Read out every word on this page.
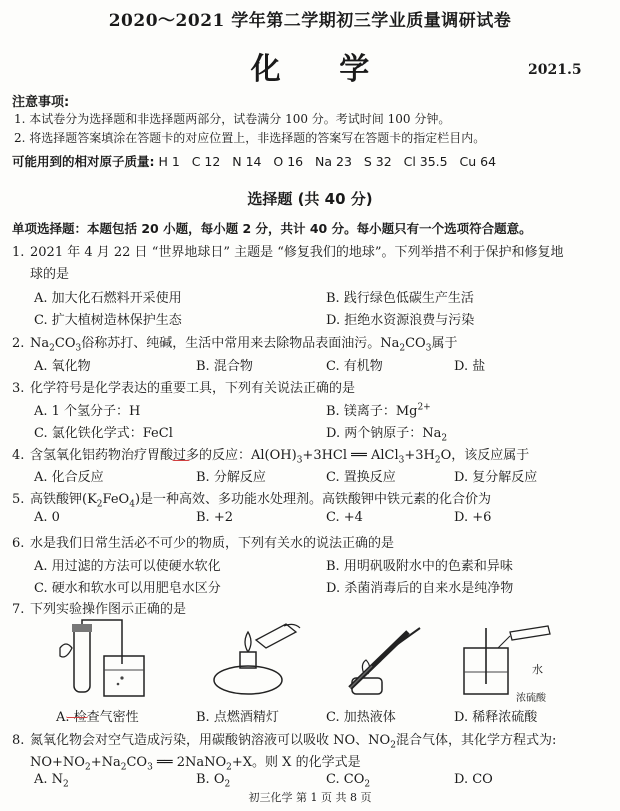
2020～2021 学年第二学期初三学业质量调研试卷
化 学	2021.5
注意事项:
1. 本试卷分为选择题和非选择题两部分，试卷满分 100 分。考试时间 100 分钟。
2. 将选择题答案填涂在答题卡的对应位置上，非选择题的答案写在答题卡的指定栏目内。
可能用到的相对原子质量: H 1   C 12   N 14   O 16   Na 23   S 32   Cl 35.5   Cu 64
选择题 (共 40 分)
单项选择题：本题包括 20 小题，每小题 2 分，共计 40 分。每小题只有一个选项符合题意。
1. 2021 年 4 月 22 日 “世界地球日” 主题是 “修复我们的地球”。下列举措不利于保护和修复地
球的是
A. 加大化石燃料开采使用	B. 践行绿色低碳生产生活
C. 扩大植树造林保护生态	D. 拒绝水资源浪费与污染
2. $Na_2CO_3$俗称苏打、纯碱，生活中常用来去除物品表面油污。$Na_2CO_3$属于
A. 氧化物	B. 混合物	C. 有机物	D. 盐
3. 化学符号是化学表达的重要工具，下列有关说法正确的是
A. 1 个氢分子：H	B. 镁离子：$Mg^{2+}$
C. 氯化铁化学式：FeCl	D. 两个钠原子：$Na_2$
4. 含氢氧化铝药物治疗胃酸过多的反应：$Al(OH)_3+3HCl$ ══ $AlCl_3+3H_2O$，该反应属于
A. 化合反应	B. 分解反应	C. 置换反应	D. 复分解反应
5. 高铁酸钾$(K_2FeO_4)$是一种高效、多功能水处理剂。高铁酸钾中铁元素的化合价为
A. 0	B. +2	C. +4	D. +6
6. 水是我们日常生活必不可少的物质，下列有关水的说法正确的是
A. 用过滤的方法可以使硬水软化	B. 用明矾吸附水中的色素和异味
C. 硬水和软水可以用肥皂水区分	D. 杀菌消毒后的自来水是纯净物
7. 下列实验操作图示正确的是
水
浓硫酸
A. 检查气密性	B. 点燃酒精灯	C. 加热液体	D. 稀释浓硫酸
8. 氮氧化物会对空气造成污染，用碳酸钠溶液可以吸收 NO、$NO_2$混合气体，其化学方程式为:
$NO+NO_2+Na_2CO_3$ ══ 2NaNO$_2$+X。则 X 的化学式是
A. $N_2$	B. $O_2$	C. $CO_2$	D. CO
初三化学 第 1 页 共 8 页
